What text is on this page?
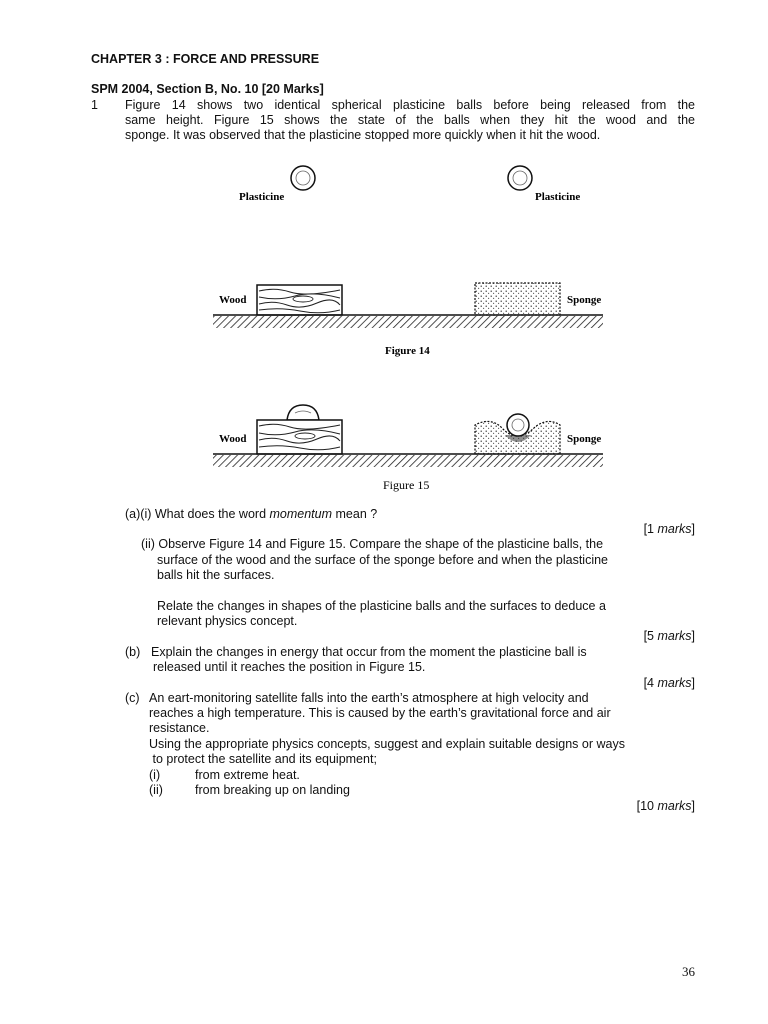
CHAPTER 3 : FORCE AND PRESSURE
SPM 2004, Section B, No. 10 [20 Marks]
1 Figure 14 shows two identical spherical plasticine balls before being released from the
same height. Figure 15 shows the state of the balls when they hit the wood and the
sponge. It was observed that the plasticine stopped more quickly when it hit the wood.
Plasticine	Plasticine
Wood	Sponge
Figure 14
Wood	Sponge
Figure 15
(a)(i) What does the word momentum mean ?
[1 marks]
(ii) Observe Figure 14 and Figure 15. Compare the shape of the plasticine balls, the
surface of the wood and the surface of the sponge before and when the plasticine
balls hit the surfaces.
Relate the changes in shapes of the plasticine balls and the surfaces to deduce a
relevant physics concept.
[5 marks]
(b) Explain the changes in energy that occur from the moment the plasticine ball is
released until it reaches the position in Figure 15.
[4 marks]
(c) An eart-monitoring satellite falls into the earth’s atmosphere at high velocity and
reaches a high temperature. This is caused by the earth’s gravitational force and air
resistance.
Using the appropriate physics concepts, suggest and explain suitable designs or ways
to protect the satellite and its equipment;
(i)	from extreme heat.
(ii)	from breaking up on landing
[10 marks]
36
